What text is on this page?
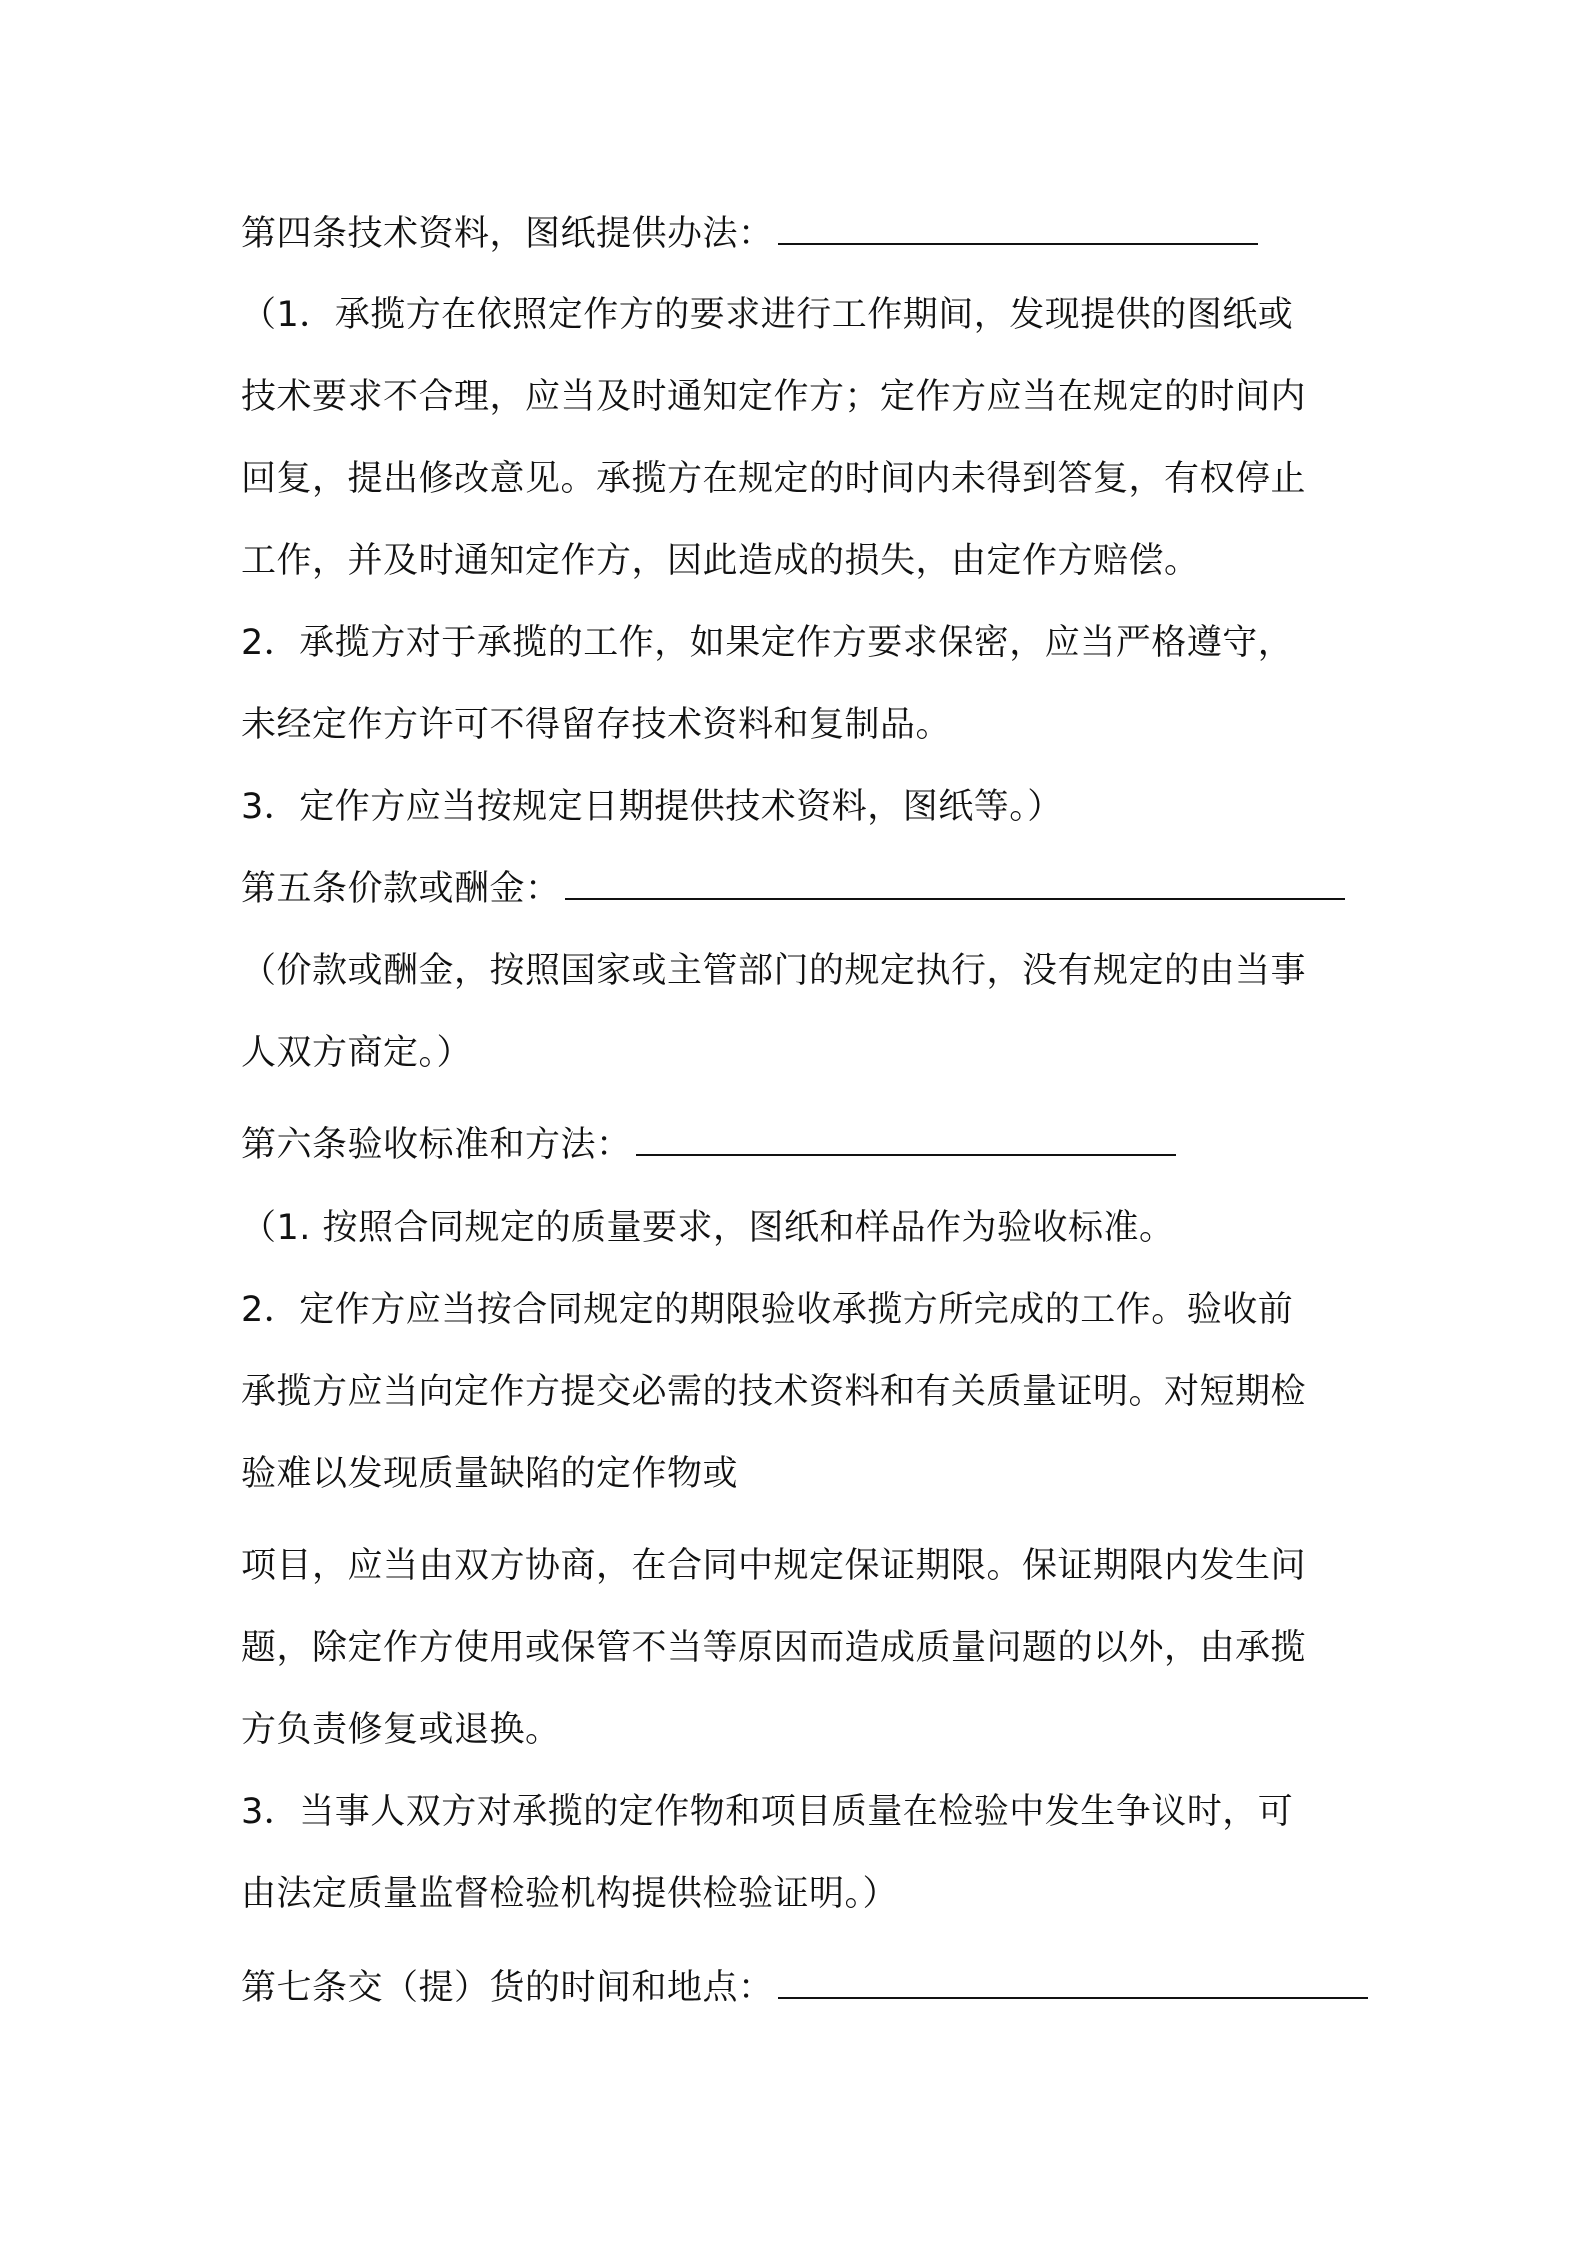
第四条技术资料，图纸提供办法：
（1．承揽方在依照定作方的要求进行工作期间，发现提供的图纸或
技术要求不合理，应当及时通知定作方；定作方应当在规定的时间内
回复，提出修改意见。承揽方在规定的时间内未得到答复，有权停止
工作，并及时通知定作方，因此造成的损失，由定作方赔偿。
2．承揽方对于承揽的工作，如果定作方要求保密，应当严格遵守，
未经定作方许可不得留存技术资料和复制品。
3．定作方应当按规定日期提供技术资料，图纸等。）
第五条价款或酬金：
（价款或酬金，按照国家或主管部门的规定执行，没有规定的由当事
人双方商定。）
第六条验收标准和方法：
（1. 按照合同规定的质量要求，图纸和样品作为验收标准。
2．定作方应当按合同规定的期限验收承揽方所完成的工作。验收前
承揽方应当向定作方提交必需的技术资料和有关质量证明。对短期检
验难以发现质量缺陷的定作物或
项目，应当由双方协商，在合同中规定保证期限。保证期限内发生问
题，除定作方使用或保管不当等原因而造成质量问题的以外，由承揽
方负责修复或退换。
3．当事人双方对承揽的定作物和项目质量在检验中发生争议时，可
由法定质量监督检验机构提供检验证明。）
第七条交（提）货的时间和地点：
